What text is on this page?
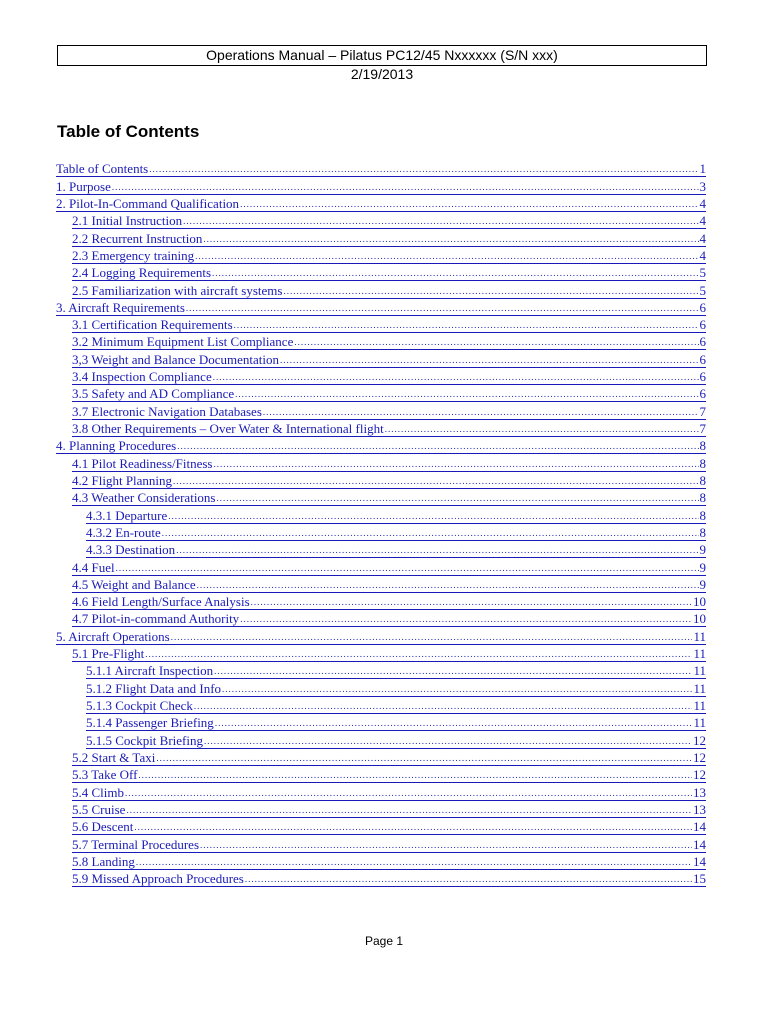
Operations Manual – Pilatus PC12/45 Nxxxxxx (S/N xxx)
2/19/2013
Table of Contents
Table of Contents .....	1
1. Purpose .....	3
2. Pilot-In-Command Qualification .....	4
2.1 Initial Instruction .....	4
2.2 Recurrent Instruction .....	4
2.3 Emergency training .....	4
2.4 Logging Requirements .....	5
2.5 Familiarization with aircraft systems .....	5
3. Aircraft Requirements .....	6
3.1 Certification Requirements .....	6
3.2 Minimum Equipment List Compliance .....	6
3,3 Weight and Balance Documentation .....	6
3.4 Inspection Compliance .....	6
3.5 Safety and AD Compliance .....	6
3.7 Electronic Navigation Databases .....	7
3.8 Other Requirements – Over Water & International flight .....	7
4. Planning Procedures .....	8
4.1 Pilot Readiness/Fitness .....	8
4.2 Flight Planning .....	8
4.3 Weather Considerations .....	8
4.3.1 Departure .....	8
4.3.2 En-route .....	8
4.3.3 Destination .....	9
4.4 Fuel .....	9
4.5 Weight and Balance .....	9
4.6 Field Length/Surface Analysis .....	10
4.7 Pilot-in-command Authority .....	10
5. Aircraft Operations .....	11
5.1 Pre-Flight .....	11
5.1.1 Aircraft Inspection .....	11
5.1.2 Flight Data and Info .....	11
5.1.3 Cockpit Check .....	11
5.1.4 Passenger Briefing .....	11
5.1.5 Cockpit Briefing .....	12
5.2 Start & Taxi .....	12
5.3 Take Off .....	12
5.4 Climb .....	13
5.5 Cruise .....	13
5.6 Descent .....	14
5.7 Terminal Procedures .....	14
5.8 Landing .....	14
5.9 Missed Approach Procedures .....	15
Page 1
